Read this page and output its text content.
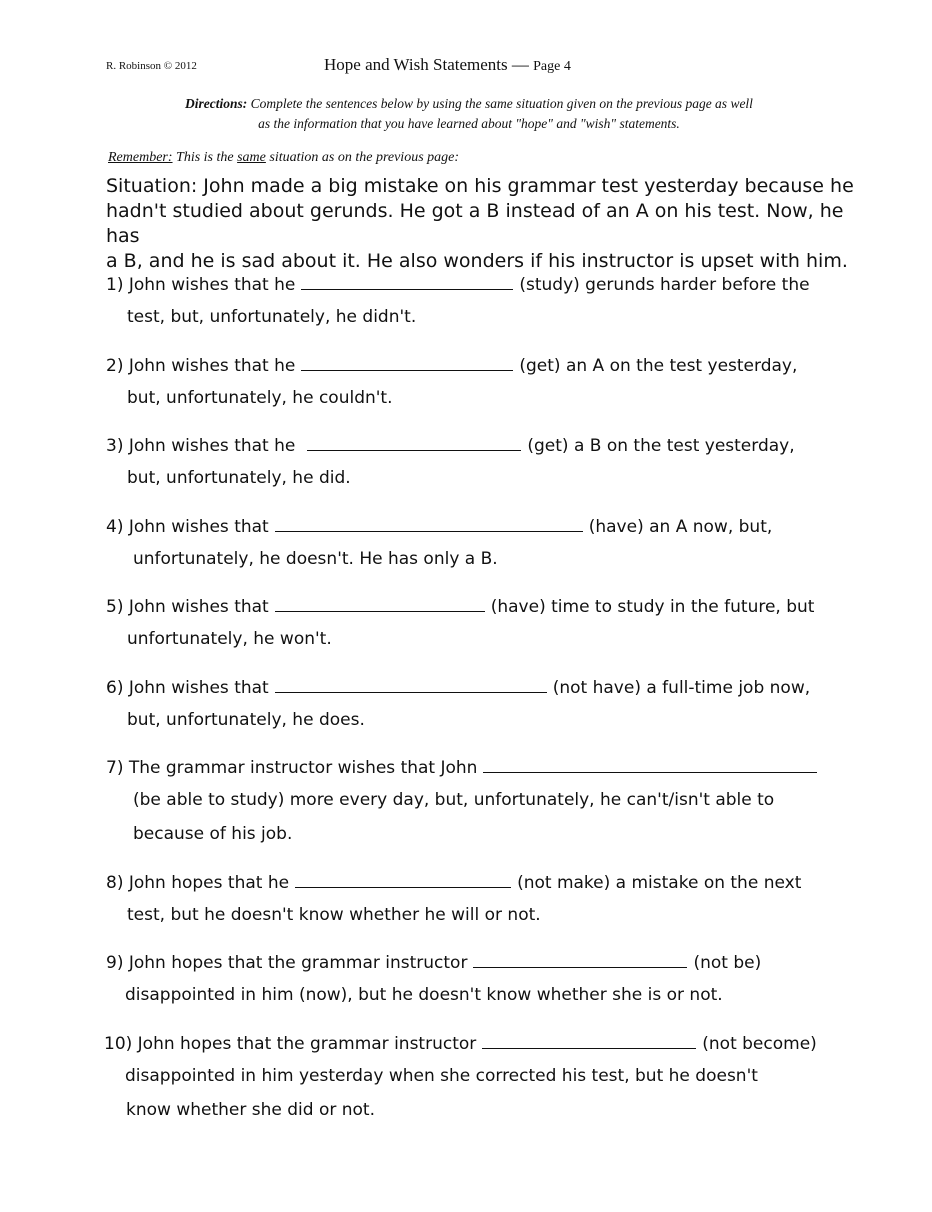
R. Robinson © 2012	Hope and Wish Statements — Page 4
Directions: Complete the sentences below by using the same situation given on the previous page as well
as the information that you have learned about "hope" and "wish" statements.
Remember: This is the same situation as on the previous page:
Situation: John made a big mistake on his grammar test yesterday because he
hadn't studied about gerunds. He got a B instead of an A on his test. Now, he has
a B, and he is sad about it. He also wonders if his instructor is upset with him.
1) John wishes that he	(study) gerunds harder before the
test, but, unfortunately, he didn't.
2) John wishes that he	(get) an A on the test yesterday,
but, unfortunately, he couldn't.
3) John wishes that he	(get) a B on the test yesterday,
but, unfortunately, he did.
4) John wishes that	(have) an A now, but,
unfortunately, he doesn't. He has only a B.
5) John wishes that	(have) time to study in the future, but
unfortunately, he won't.
6) John wishes that	(not have) a full-time job now,
but, unfortunately, he does.
7) The grammar instructor wishes that John
(be able to study) more every day, but, unfortunately, he can't/isn't able to
because of his job.
8) John hopes that he	(not make) a mistake on the next
test, but he doesn't know whether he will or not.
9) John hopes that the grammar instructor	(not be)
disappointed in him (now), but he doesn't know whether she is or not.
10) John hopes that the grammar instructor	(not become)
disappointed in him yesterday when she corrected his test, but he doesn't
know whether she did or not.
